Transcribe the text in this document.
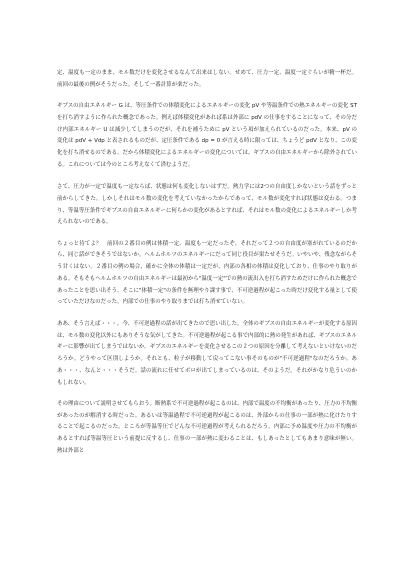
定、温度も一定のまま、モル数だけを変化させるなんて出来はしない。せめて、圧力一定、温度一定ぐらいが精一杯だ。前回の最後の例がそうだった。そして一番計算が楽だった。

ギブスの自由エネルギー G は、等圧条件での体積変化によるエネルギーの変化 pV や等温条件での熱エネルギーの変化 ST を打ち消すように作られた概念であった。例えば体積変化があれば系は外部に pdV の仕事をすることになって、その分だけ内部エネルギー U は減少してしまうのだが、それを補うために pV という項が加えられているのだった。本来、pV の変化は pdV + Vdp と表されるものだが、定圧条件である dp = 0 が言える時に限っては、ちょうど pdV となり、この変化を打ち消せるのである。だから体積変化によるエネルギーの変化については、ギブスの自由エネルギーから除外されている。これについては今のところ考えなくて済むようだ。

さて、圧力が一定で温度も一定ならば、状態は何も変化しないはずだ。熱力学には2つの自由度しかないという話をずっと前からしてきた。しかしそれはモル数の変化を考えていなかったからであって、モル数が変化すれば状態は変わる。つまり、等温等圧条件でギブスの自由エネルギーに何らかの変化があるとすれば、それはモル数の変化によるエネルギーしか考えられないのである。

ちょっと待てよ？　前回の２番目の例は体積一定、温度も一定だったぞ。それだって２つの自由度が塞がれているのだから、同じ話ができそうではないか。ヘルムホルツのエネルギーにだって同じ役目が果たせそうだ。いやいや、残念ながらそう甘くはない。２番目の例の場合、確かに全体の体積は一定だが、内部の各相の体積は変化しており、仕事のやり取りがある。そもそもヘルムホルツの自由エネルギーは最初から"温度一定"での熱の流出入を打ち消すためだけに作られた概念であったことを思い出そう。そこに"体積一定"の条件を無理やり課す事で、不可逆過程が起こった時だけ変化する量として使っていただけなのだった。内部での仕事のやり取りまでは打ち消せていない。

ああ、そう言えば・・・。今、不可逆過程の話が出てきたので思い出した。全体のギブスの自由エネルギーが変化する原因は、モル数の変化以外にもありそうな気がしてきた。不可逆過程が起こる事で内部的に熱の発生があれば、ギブスのエネルギーに影響が出てしまうではないか。ギブスのエネルギーを変化させるこの２つの原因を分離して考えないといけないのだろうか。どうやって区別しようか。それとも、粒子が移動して戻ってこない事そのものが"不可逆過程"なのだろうか。ああ・・・、なんと・・・そうだ。話の流れに任せてボロが出てしまっているのは、そのようだ。それがかなり危ういのかもしれない。

その理由について説明させてもらおう。断熱系で不可逆過程が起こるのは、内部で温度の不均衡があったり、圧力の不均衡があったのが解消する時だった。あるいは等温過程で不可逆過程が起こるのは、外部からの仕事の一部が熱に化けたりすることで起こるのだった。ところが等温等圧でどんな不可逆過程が考えられるだろう。内部に予め温度や圧力の不均衡があるとすれば等温等圧という前提に反するし、仕事の一部が熱に変わることは、もしあったとしてもあまり意味が無い。熱は外部と
